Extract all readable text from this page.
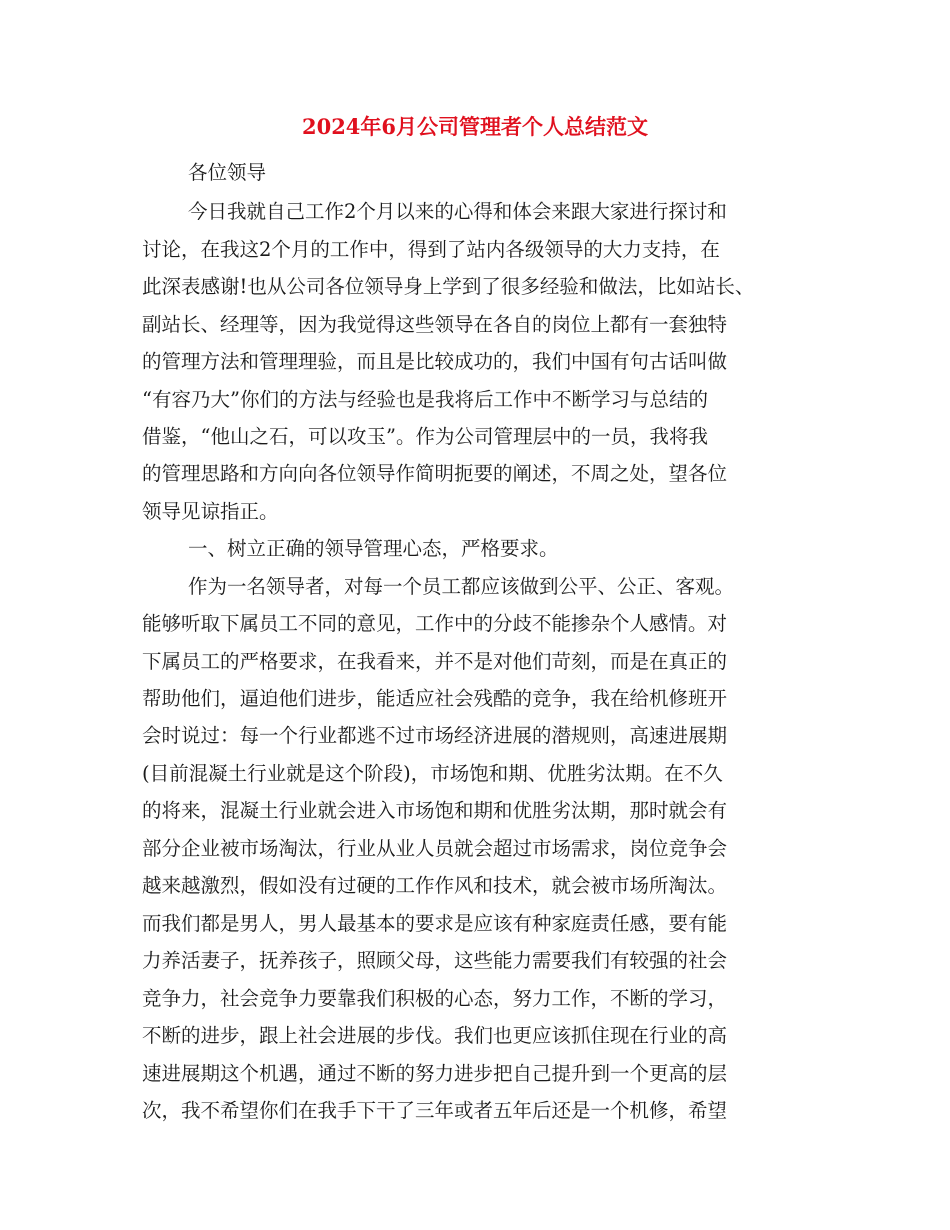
2024年6月公司管理者个人总结范文

各位领导

今日我就自己工作2个月以来的心得和体会来跟大家进行探讨和

讨论，在我这2个月的工作中，得到了站内各级领导的大力支持，在

此深表感谢!也从公司各位领导身上学到了很多经验和做法，比如站长、

副站长、经理等，因为我觉得这些领导在各自的岗位上都有一套独特

的管理方法和管理理验，而且是比较成功的，我们中国有句古话叫做

“有容乃大”你们的方法与经验也是我将后工作中不断学习与总结的

借鉴，“他山之石，可以攻玉”。作为公司管理层中的一员，我将我

的管理思路和方向向各位领导作简明扼要的阐述，不周之处，望各位

领导见谅指正。

一、树立正确的领导管理心态，严格要求。

作为一名领导者，对每一个员工都应该做到公平、公正、客观。

能够听取下属员工不同的意见，工作中的分歧不能掺杂个人感情。对

下属员工的严格要求，在我看来，并不是对他们苛刻，而是在真正的

帮助他们，逼迫他们进步，能适应社会残酷的竞争，我在给机修班开

会时说过：每一个行业都逃不过市场经济进展的潜规则，高速进展期

(目前混凝土行业就是这个阶段)，市场饱和期、优胜劣汰期。在不久

的将来，混凝土行业就会进入市场饱和期和优胜劣汰期，那时就会有

部分企业被市场淘汰，行业从业人员就会超过市场需求，岗位竞争会

越来越激烈，假如没有过硬的工作作风和技术，就会被市场所淘汰。

而我们都是男人，男人最基本的要求是应该有种家庭责任感，要有能

力养活妻子，抚养孩子，照顾父母，这些能力需要我们有较强的社会

竞争力，社会竞争力要靠我们积极的心态，努力工作，不断的学习，

不断的进步，跟上社会进展的步伐。我们也更应该抓住现在行业的高

速进展期这个机遇，通过不断的努力进步把自己提升到一个更高的层

次，我不希望你们在我手下干了三年或者五年后还是一个机修，希望
